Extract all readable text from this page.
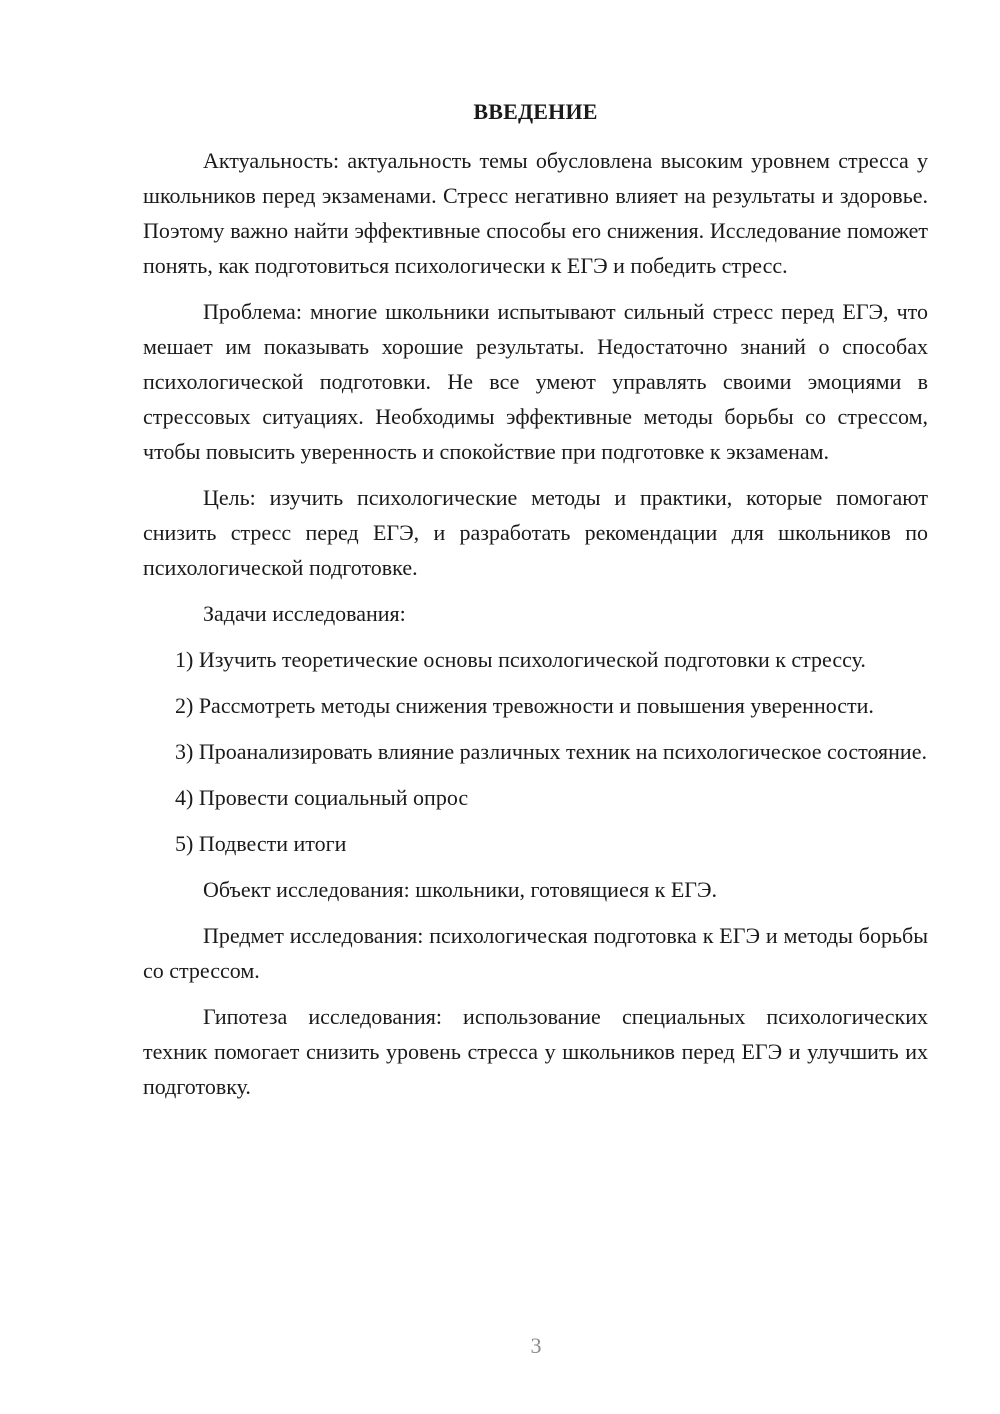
ВВЕДЕНИЕ

Актуальность: актуальность темы обусловлена высоким уровнем стресса у школьников перед экзаменами. Стресс негативно влияет на результаты и здоровье. Поэтому важно найти эффективные способы его снижения. Исследование поможет понять, как подготовиться психологически к ЕГЭ и победить стресс.

Проблема: многие школьники испытывают сильный стресс перед ЕГЭ, что мешает им показывать хорошие результаты. Недостаточно знаний о способах психологической подготовки. Не все умеют управлять своими эмоциями в стрессовых ситуациях. Необходимы эффективные методы борьбы со стрессом, чтобы повысить уверенность и спокойствие при подготовке к экзаменам.

Цель: изучить психологические методы и практики, которые помогают снизить стресс перед ЕГЭ, и разработать рекомендации для школьников по психологической подготовке.

Задачи исследования:

1) Изучить теоретические основы психологической подготовки к стрессу.
2) Рассмотреть методы снижения тревожности и повышения уверенности.
3) Проанализировать влияние различных техник на психологическое состояние.
4) Провести социальный опрос
5) Подвести итоги

Объект исследования: школьники, готовящиеся к ЕГЭ.

Предмет исследования: психологическая подготовка к ЕГЭ и методы борьбы со стрессом.

Гипотеза исследования: использование специальных психологических техник помогает снизить уровень стресса у школьников перед ЕГЭ и улучшить их подготовку.

3
